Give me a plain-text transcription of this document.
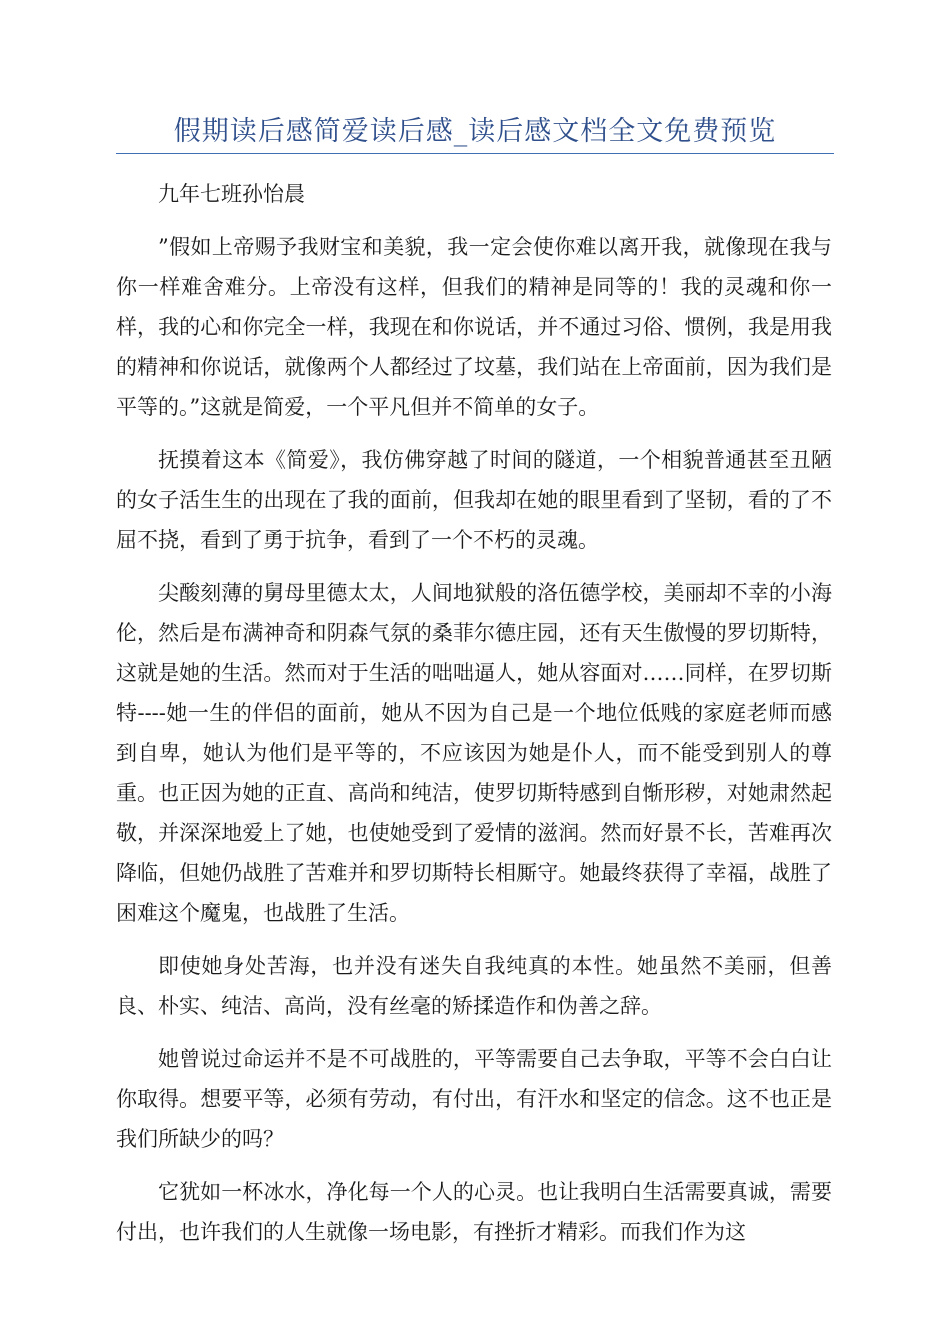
假期读后感简爱读后感_读后感文档全文免费预览

九年七班孙怡晨

”假如上帝赐予我财宝和美貌，我一定会使你难以离开我，就像现在我与你一样难舍难分。上帝没有这样，但我们的精神是同等的！我的灵魂和你一样，我的心和你完全一样，我现在和你说话，并不通过习俗、惯例，我是用我的精神和你说话，就像两个人都经过了坟墓，我们站在上帝面前，因为我们是平等的。”这就是简爱，一个平凡但并不简单的女子。

抚摸着这本《简爱》，我仿佛穿越了时间的隧道，一个相貌普通甚至丑陋的女子活生生的出现在了我的面前，但我却在她的眼里看到了坚韧，看的了不屈不挠，看到了勇于抗争，看到了一个不朽的灵魂。

尖酸刻薄的舅母里德太太，人间地狱般的洛伍德学校，美丽却不幸的小海伦，然后是布满神奇和阴森气氛的桑菲尔德庄园，还有天生傲慢的罗切斯特，这就是她的生活。然而对于生活的咄咄逼人，她从容面对……同样，在罗切斯特----她一生的伴侣的面前，她从不因为自己是一个地位低贱的家庭老师而感到自卑，她认为他们是平等的，不应该因为她是仆人，而不能受到别人的尊重。也正因为她的正直、高尚和纯洁，使罗切斯特感到自惭形秽，对她肃然起敬，并深深地爱上了她，也使她受到了爱情的滋润。然而好景不长，苦难再次降临，但她仍战胜了苦难并和罗切斯特长相厮守。她最终获得了幸福，战胜了困难这个魔鬼，也战胜了生活。

即使她身处苦海，也并没有迷失自我纯真的本性。她虽然不美丽，但善良、朴实、纯洁、高尚，没有丝毫的矫揉造作和伪善之辞。

她曾说过命运并不是不可战胜的，平等需要自己去争取，平等不会白白让你取得。想要平等，必须有劳动，有付出，有汗水和坚定的信念。这不也正是我们所缺少的吗？

它犹如一杯冰水，净化每一个人的心灵。也让我明白生活需要真诚，需要付出，也许我们的人生就像一场电影，有挫折才精彩。而我们作为这
